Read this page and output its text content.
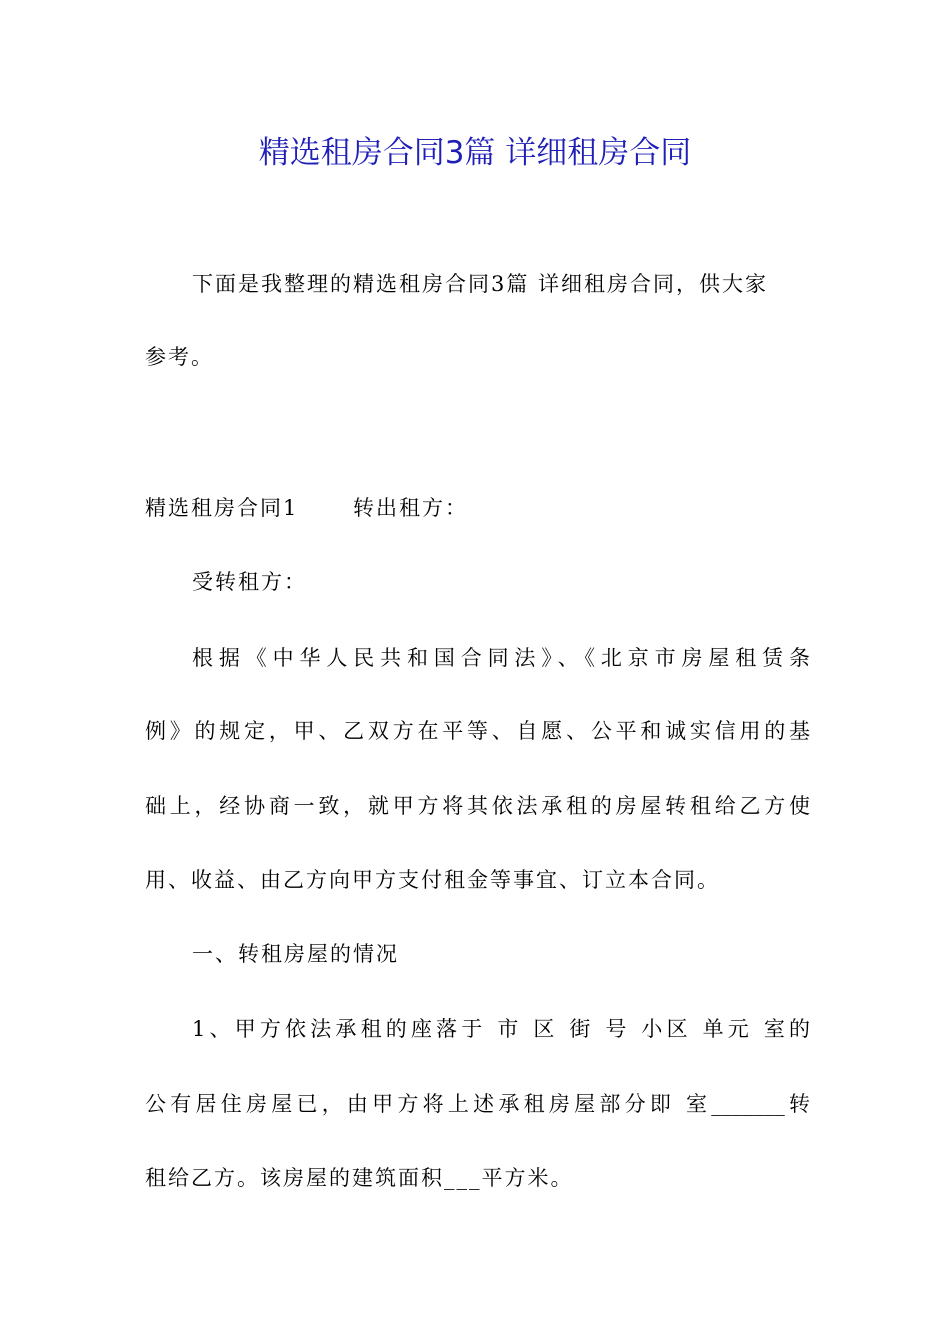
精选租房合同3篇 详细租房合同
下面是我整理的精选租房合同3篇 详细租房合同，供大家
参考。
精选租房合同1　　 转出租方：
受转租方：
根据《中华人民共和国合同法》、《北京市房屋租赁条
例》的规定，甲、乙双方在平等、自愿、公平和诚实信用的基
础上，经协商一致，就甲方将其依法承租的房屋转租给乙方使
用、收益、由乙方向甲方支付租金等事宜、订立本合同。
一、转租房屋的情况
1、甲方依法承租的座落于 市 区 街 号 小区 单元 室的
公有居住房屋已，由甲方将上述承租房屋部分即 室_______转
租给乙方。该房屋的建筑面积___平方米。
